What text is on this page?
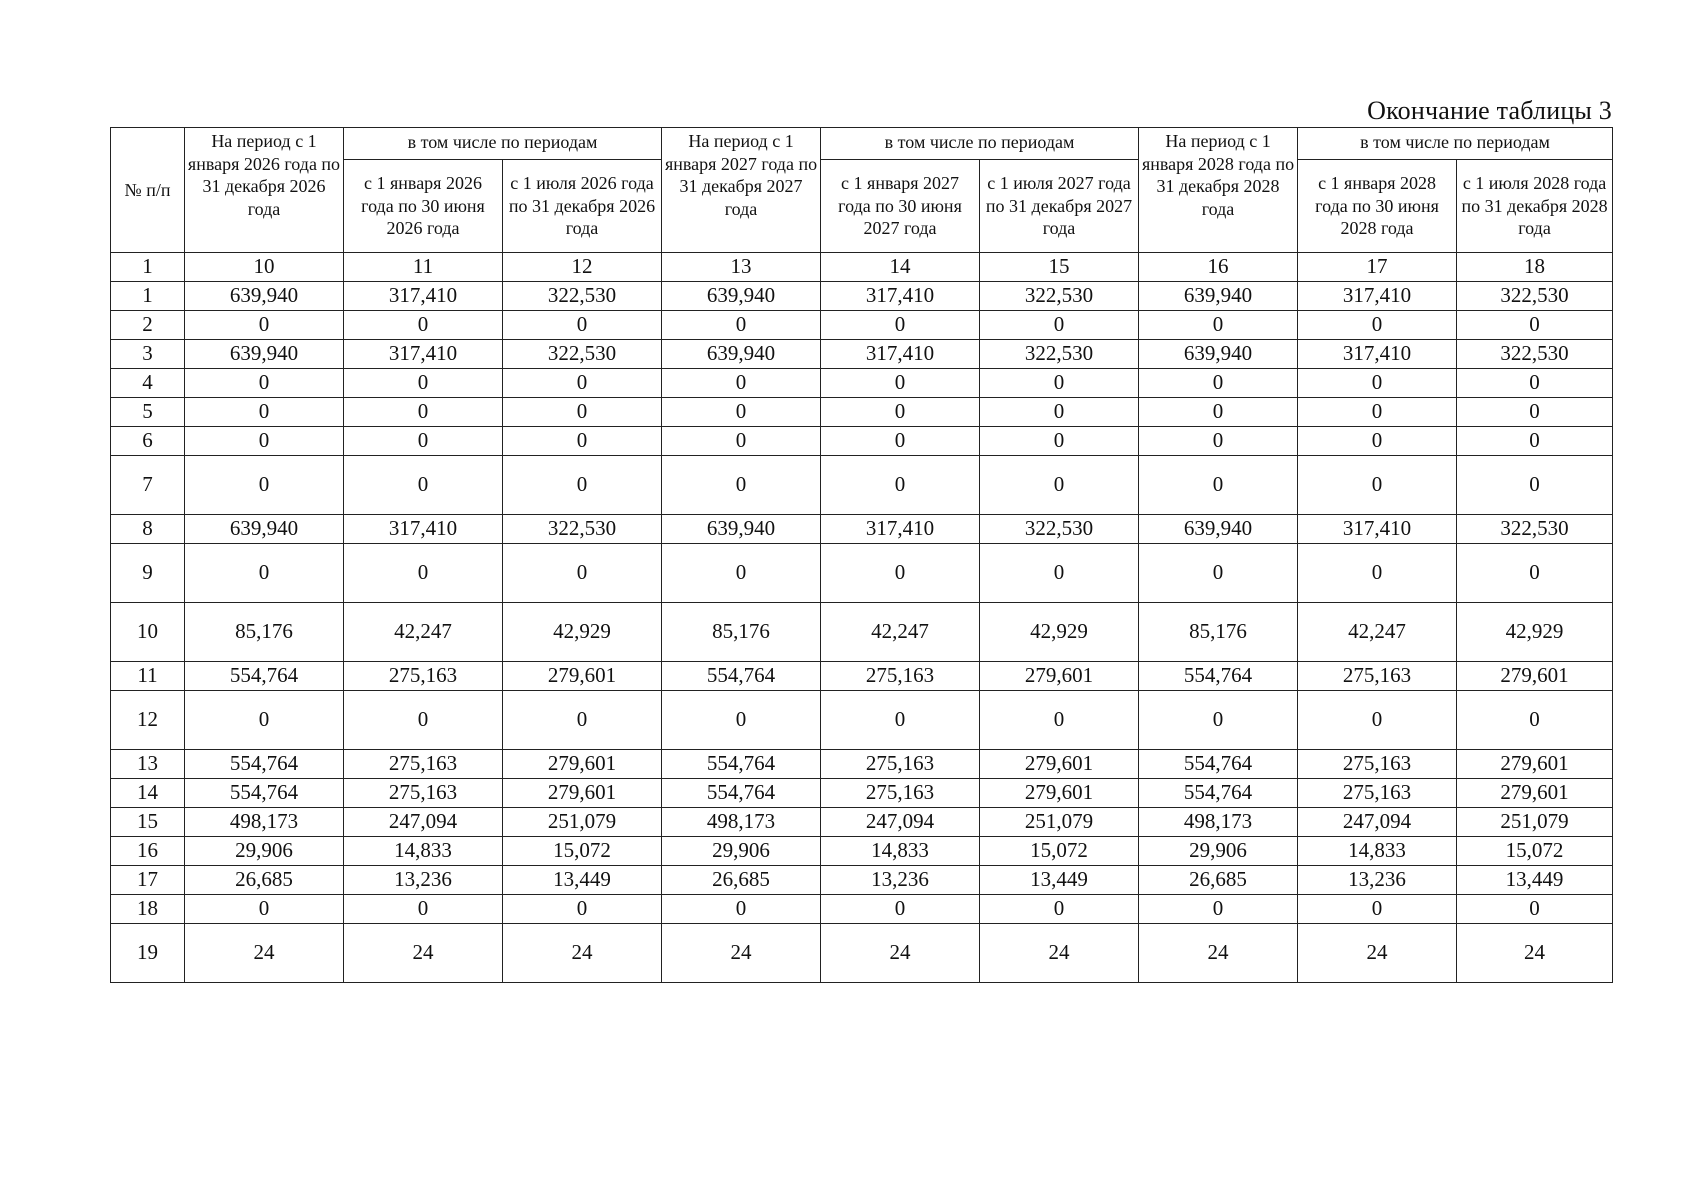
Окончание таблицы 3
№ п/п	На период с 1 января 2026 года по 31 декабря 2026 года	в том числе по периодам		На период с 1 января 2027 года по 31 декабря 2027 года	в том числе по периодам		На период с 1 января 2028 года по 31 декабря 2028 года	в том числе по периодам	
		с 1 января 2026 года по 30 июня 2026 года	с 1 июля 2026 года по 31 декабря 2026 года		с 1 января 2027 года по 30 июня 2027 года	с 1 июля 2027 года по 31 декабря 2027 года		с 1 января 2028 года по 30 июня 2028 года	с 1 июля 2028 года по 31 декабря 2028 года
1	10	11	12	13	14	15	16	17	18
1	639,940	317,410	322,530	639,940	317,410	322,530	639,940	317,410	322,530
2	0	0	0	0	0	0	0	0	0
3	639,940	317,410	322,530	639,940	317,410	322,530	639,940	317,410	322,530
4	0	0	0	0	0	0	0	0	0
5	0	0	0	0	0	0	0	0	0
6	0	0	0	0	0	0	0	0	0
7	0	0	0	0	0	0	0	0	0
8	639,940	317,410	322,530	639,940	317,410	322,530	639,940	317,410	322,530
9	0	0	0	0	0	0	0	0	0
10	85,176	42,247	42,929	85,176	42,247	42,929	85,176	42,247	42,929
11	554,764	275,163	279,601	554,764	275,163	279,601	554,764	275,163	279,601
12	0	0	0	0	0	0	0	0	0
13	554,764	275,163	279,601	554,764	275,163	279,601	554,764	275,163	279,601
14	554,764	275,163	279,601	554,764	275,163	279,601	554,764	275,163	279,601
15	498,173	247,094	251,079	498,173	247,094	251,079	498,173	247,094	251,079
16	29,906	14,833	15,072	29,906	14,833	15,072	29,906	14,833	15,072
17	26,685	13,236	13,449	26,685	13,236	13,449	26,685	13,236	13,449
18	0	0	0	0	0	0	0	0	0
19	24	24	24	24	24	24	24	24	24
